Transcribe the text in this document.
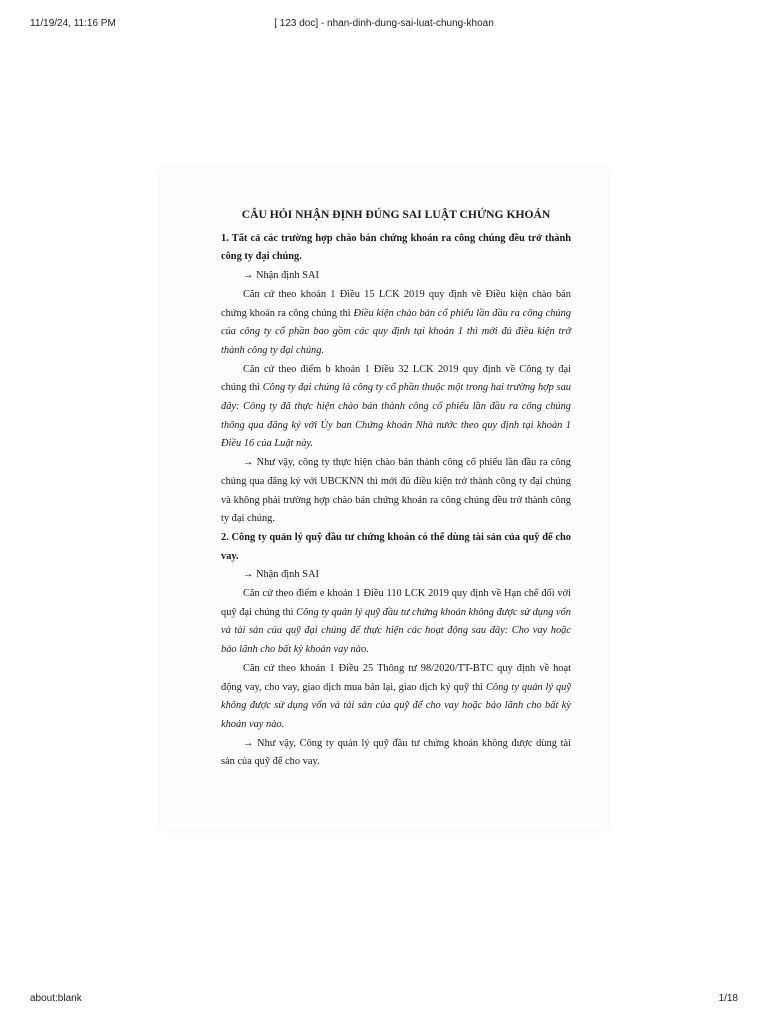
11/19/24, 11:16 PM	[ 123 doc] - nhan-dinh-dung-sai-luat-chung-khoan

CÂU HỎI NHẬN ĐỊNH ĐÚNG SAI LUẬT CHỨNG KHOÁN

1. Tất cả các trường hợp chào bán chứng khoán ra công chúng đều trở thành công ty đại chúng.

→ Nhận định SAI

Căn cứ theo khoản 1 Điều 15 LCK 2019 quy định về Điều kiện chào bán chứng khoán ra công chúng thì Điều kiện chào bán cổ phiếu lần đầu ra công chúng của công ty cổ phần bao gồm các quy định tại khoản 1 thì mới đủ điều kiện trở thành công ty đại chúng.

Căn cứ theo điểm b khoản 1 Điều 32 LCK 2019 quy định về Công ty đại chúng thì Công ty đại chúng là công ty cổ phần thuộc một trong hai trường hợp sau đây: Công ty đã thực hiện chào bán thành công cổ phiếu lần đầu ra công chúng thông qua đăng ký với Ủy ban Chứng khoán Nhà nước theo quy định tại khoản 1 Điều 16 của Luật này.

→ Như vậy, công ty thực hiện chào bán thành công cổ phiếu lần đầu ra công chúng qua đăng ký với UBCKNN thì mới đủ điều kiện trở thành công ty đại chúng và không phải trường hợp chào bán chứng khoán ra công chúng đều trở thành công ty đại chúng.

2. Công ty quản lý quỹ đầu tư chứng khoán có thể dùng tài sản của quỹ để cho vay.

→ Nhận định SAI

Căn cứ theo điểm e khoản 1 Điều 110 LCK 2019 quy định về Hạn chế đối với quỹ đại chúng thì Công ty quản lý quỹ đầu tư chứng khoán không được sử dụng vốn và tài sản của quỹ đại chúng để thực hiện các hoạt động sau đây: Cho vay hoặc bảo lãnh cho bất kỳ khoản vay nào.

Căn cứ theo khoản 1 Điều 25 Thông tư 98/2020/TT-BTC quy định về hoạt động vay, cho vay, giao dịch mua bán lại, giao dịch ký quỹ thì Công ty quản lý quỹ không được sử dụng vốn và tài sản của quỹ để cho vay hoặc bảo lãnh cho bất kỳ khoản vay nào.

→ Như vậy, Công ty quản lý quỹ đầu tư chứng khoán không được dùng tài sản của quỹ để cho vay.

about:blank	1/18
